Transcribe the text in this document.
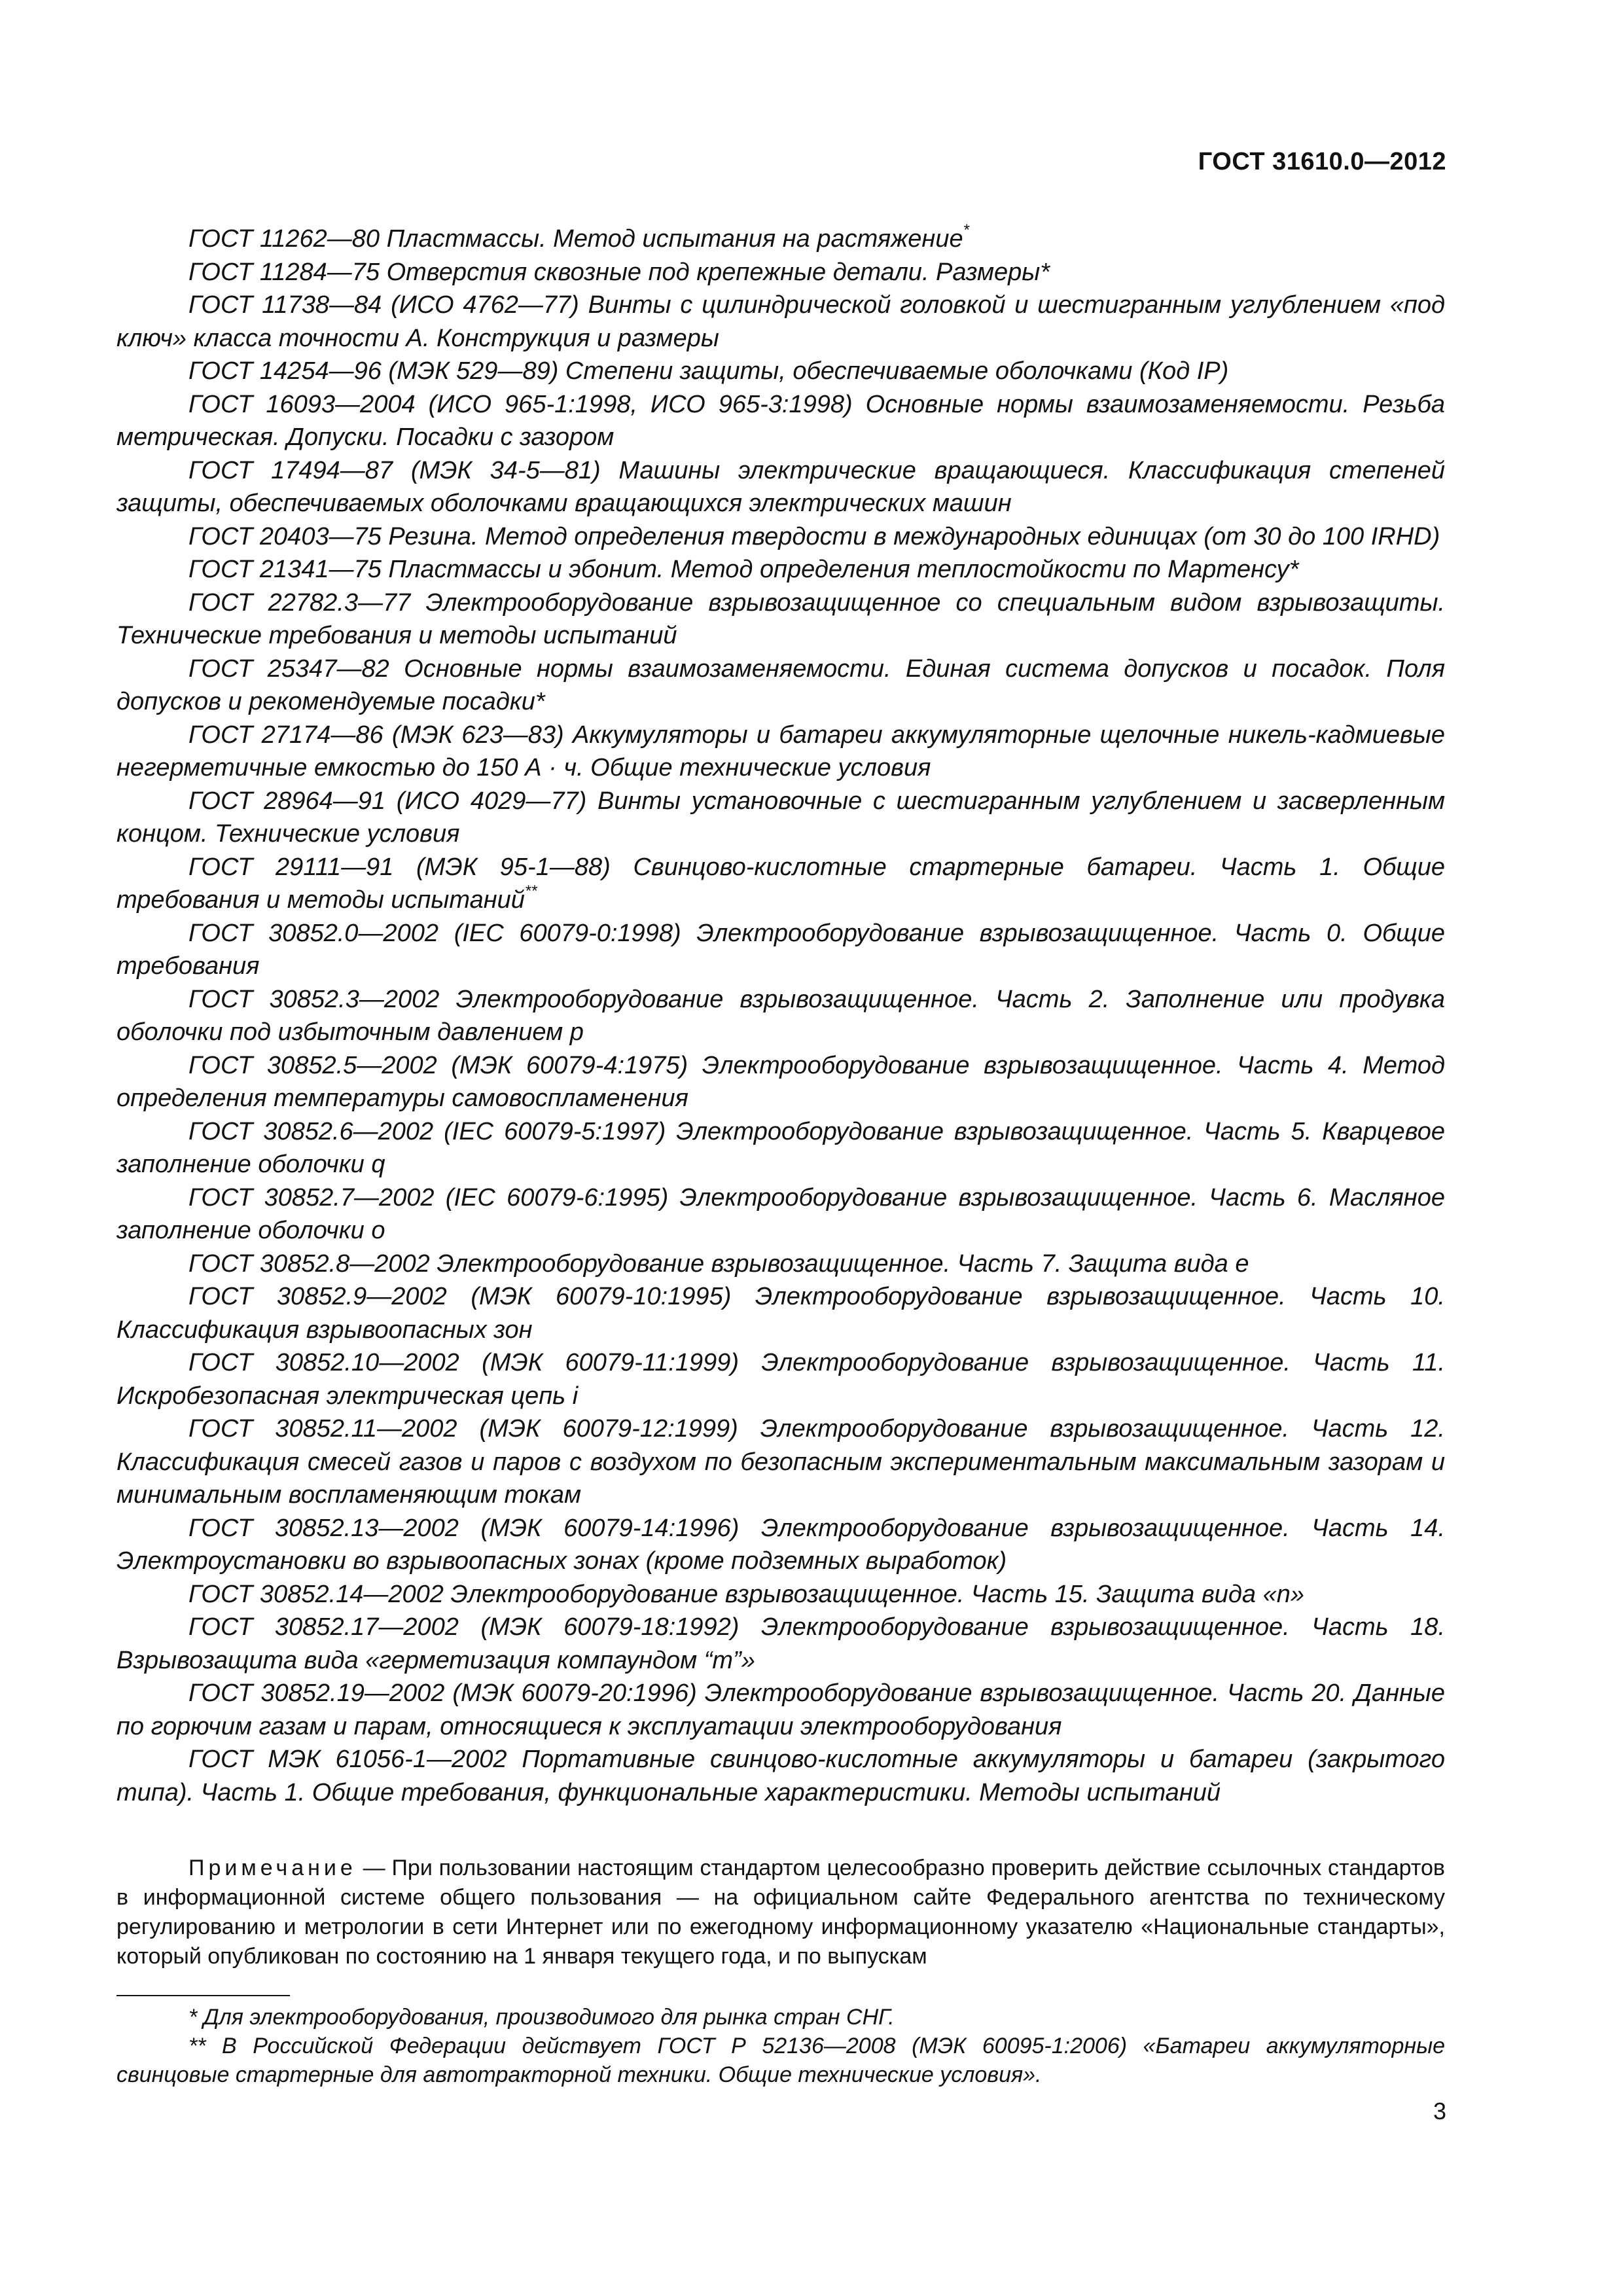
ГОСТ 31610.0—2012

ГОСТ 11262—80 Пластмассы. Метод испытания на растяжение*

ГОСТ 11284—75 Отверстия сквозные под крепежные детали. Размеры*

ГОСТ 11738—84 (ИСО 4762—77) Винты с цилиндрической головкой и шестигранным углублением «под ключ» класса точности А. Конструкция и размеры

ГОСТ 14254—96 (МЭК 529—89) Степени защиты, обеспечиваемые оболочками (Код IP)

ГОСТ 16093—2004 (ИСО 965-1:1998, ИСО 965-3:1998) Основные нормы взаимозаменяемости. Резьба метрическая. Допуски. Посадки с зазором

ГОСТ 17494—87 (МЭК 34-5—81) Машины электрические вращающиеся. Классификация степеней защиты, обеспечиваемых оболочками вращающихся электрических машин

ГОСТ 20403—75 Резина. Метод определения твердости в международных единицах (от 30 до 100 IRHD)

ГОСТ 21341—75 Пластмассы и эбонит. Метод определения теплостойкости по Мартенсу*

ГОСТ 22782.3—77 Электрооборудование взрывозащищенное со специальным видом взрывозащиты. Технические требования и методы испытаний

ГОСТ 25347—82 Основные нормы взаимозаменяемости. Единая система допусков и посадок. Поля допусков и рекомендуемые посадки*

ГОСТ 27174—86 (МЭК 623—83) Аккумуляторы и батареи аккумуляторные щелочные никель-кадмиевые негерметичные емкостью до 150 А · ч. Общие технические условия

ГОСТ 28964—91 (ИСО 4029—77) Винты установочные с шестигранным углублением и засверленным концом. Технические условия

ГОСТ 29111—91 (МЭК 95-1—88) Свинцово-кислотные стартерные батареи. Часть 1. Общие требования и методы испытаний**

ГОСТ 30852.0—2002 (IEC 60079-0:1998) Электрооборудование взрывозащищенное. Часть 0. Общие требования

ГОСТ 30852.3—2002 Электрооборудование взрывозащищенное. Часть 2. Заполнение или продувка оболочки под избыточным давлением p

ГОСТ 30852.5—2002 (МЭК 60079-4:1975) Электрооборудование взрывозащищенное. Часть 4. Метод определения температуры самовоспламенения

ГОСТ 30852.6—2002 (IEC 60079-5:1997) Электрооборудование взрывозащищенное. Часть 5. Кварцевое заполнение оболочки q

ГОСТ 30852.7—2002 (IEC 60079-6:1995) Электрооборудование взрывозащищенное. Часть 6. Масляное заполнение оболочки o

ГОСТ 30852.8—2002 Электрооборудование взрывозащищенное. Часть 7. Защита вида e

ГОСТ 30852.9—2002 (МЭК 60079-10:1995) Электрооборудование взрывозащищенное. Часть 10. Классификация взрывоопасных зон

ГОСТ 30852.10—2002 (МЭК 60079-11:1999) Электрооборудование взрывозащищенное. Часть 11. Искробезопасная электрическая цепь i

ГОСТ 30852.11—2002 (МЭК 60079-12:1999) Электрооборудование взрывозащищенное. Часть 12. Классификация смесей газов и паров с воздухом по безопасным экспериментальным максимальным зазорам и минимальным воспламеняющим токам

ГОСТ 30852.13—2002 (МЭК 60079-14:1996) Электрооборудование взрывозащищенное. Часть 14. Электроустановки во взрывоопасных зонах (кроме подземных выработок)

ГОСТ 30852.14—2002 Электрооборудование взрывозащищенное. Часть 15. Защита вида «n»

ГОСТ 30852.17—2002 (МЭК 60079-18:1992) Электрооборудование взрывозащищенное. Часть 18. Взрывозащита вида «герметизация компаундом “m”»

ГОСТ 30852.19—2002 (МЭК 60079-20:1996) Электрооборудование взрывозащищенное. Часть 20. Данные по горючим газам и парам, относящиеся к эксплуатации электрооборудования

ГОСТ МЭК 61056-1—2002 Портативные свинцово-кислотные аккумуляторы и батареи (закрытого типа). Часть 1. Общие требования, функциональные характеристики. Методы испытаний

Примечание — При пользовании настоящим стандартом целесообразно проверить действие ссылочных стандартов в информационной системе общего пользования — на официальном сайте Федерального агентства по техническому регулированию и метрологии в сети Интернет или по ежегодному информационному указателю «Национальные стандарты», который опубликован по состоянию на 1 января текущего года, и по выпускам

* Для электрооборудования, производимого для рынка стран СНГ.

** В Российской Федерации действует ГОСТ Р 52136—2008 (МЭК 60095-1:2006) «Батареи аккумуляторные свинцовые стартерные для автотракторной техники. Общие технические условия».

3
